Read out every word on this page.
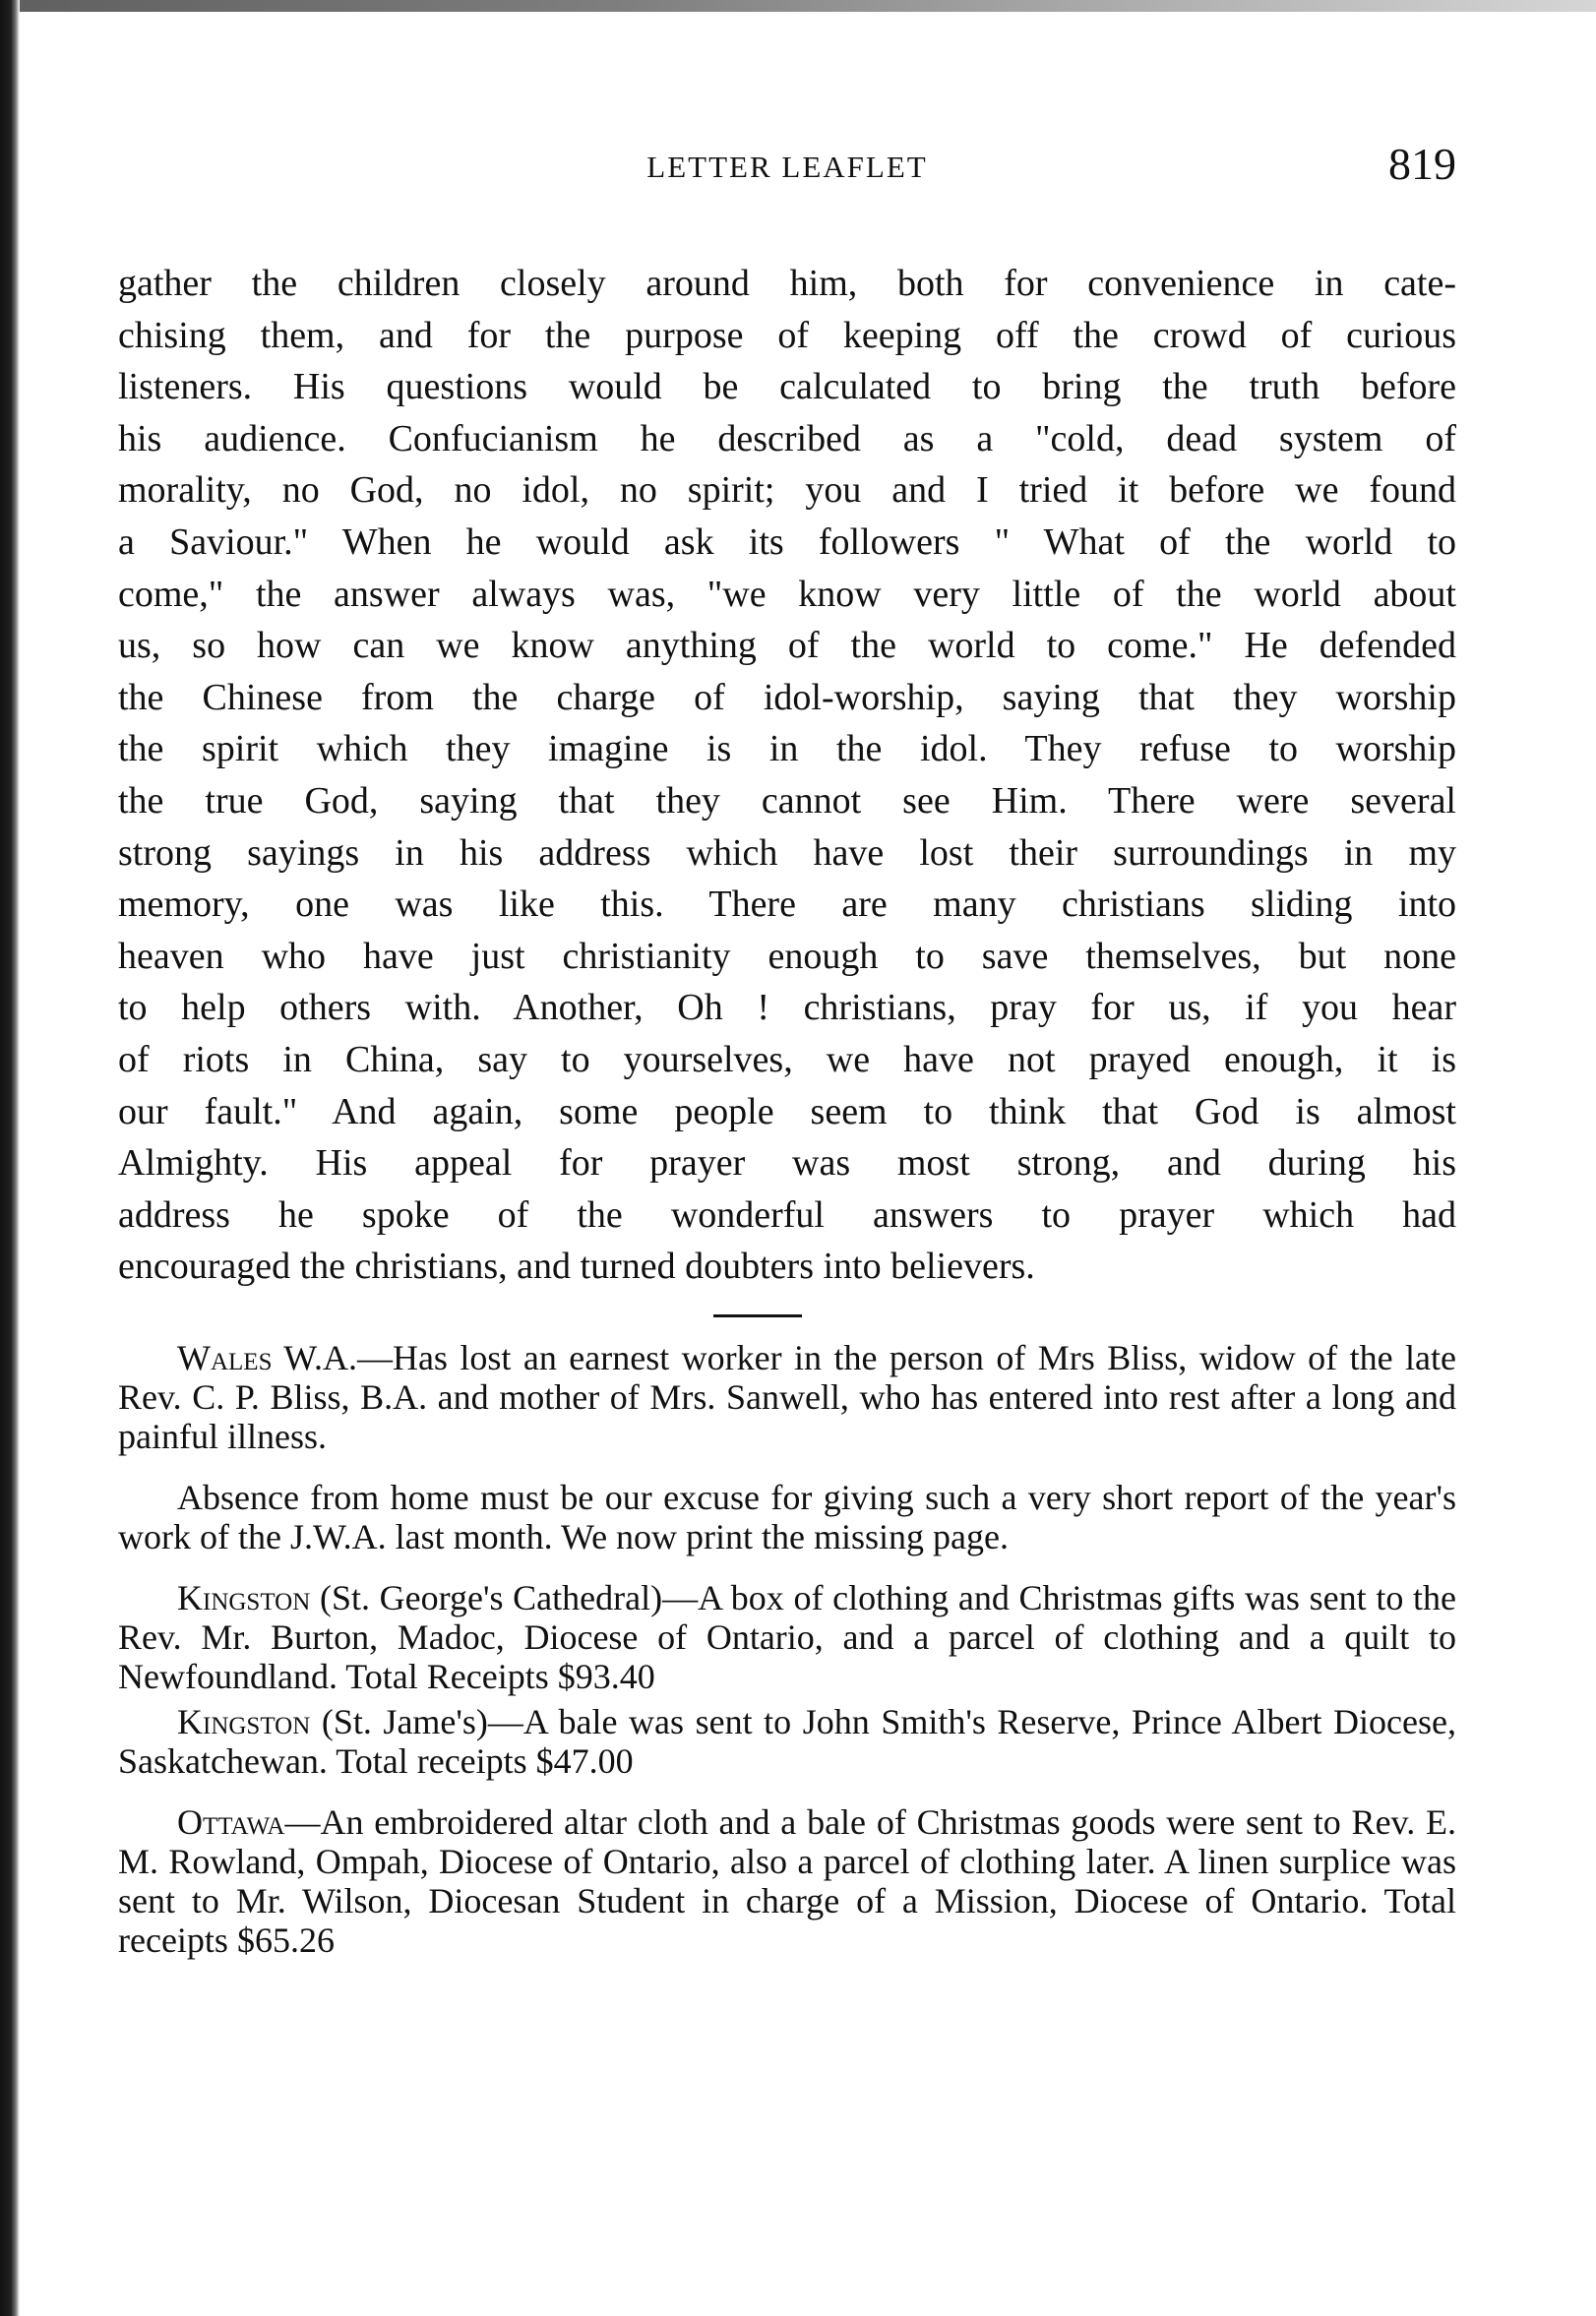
LETTER LEAFLET	819
gather the children closely around him, both for convenience in cate-
chising them, and for the purpose of keeping off the crowd of curious
listeners. His questions would be calculated to bring the truth before
his audience. Confucianism he described as a "cold, dead system of
morality, no God, no idol, no spirit; you and I tried it before we found
a Saviour." When he would ask its followers " What of the world to
come," the answer always was, "we know very little of the world about
us, so how can we know anything of the world to come." He defended
the Chinese from the charge of idol-worship, saying that they worship
the spirit which they imagine is in the idol. They refuse to worship
the true God, saying that they cannot see Him. There were several
strong sayings in his address which have lost their surroundings in my
memory, one was like this. There are many christians sliding into
heaven who have just christianity enough to save themselves, but none
to help others with. Another, Oh ! christians, pray for us, if you hear
of riots in China, say to yourselves, we have not prayed enough, it is
our fault." And again, some people seem to think that God is almost
Almighty. His appeal for prayer was most strong, and during his
address he spoke of the wonderful answers to prayer which had
encouraged the christians, and turned doubters into believers.

Wales W.A.—Has lost an earnest worker in the person of Mrs Bliss, widow of the late Rev. C. P. Bliss, B.A. and mother of Mrs. Sanwell, who has entered into rest after a long and painful illness.

Absence from home must be our excuse for giving such a very short report of the year's work of the J.W.A. last month. We now print the missing page.

Kingston (St. George's Cathedral)—A box of clothing and Christmas gifts was sent to the Rev. Mr. Burton, Madoc, Diocese of Ontario, and a parcel of clothing and a quilt to Newfoundland. Total Receipts $93.40

Kingston (St. Jame's)—A bale was sent to John Smith's Reserve, Prince Albert Diocese, Saskatchewan. Total receipts $47.00

Ottawa—An embroidered altar cloth and a bale of Christmas goods were sent to Rev. E. M. Rowland, Ompah, Diocese of Ontario, also a parcel of clothing later. A linen surplice was sent to Mr. Wilson, Diocesan Student in charge of a Mission, Diocese of Ontario. Total receipts $65.26
